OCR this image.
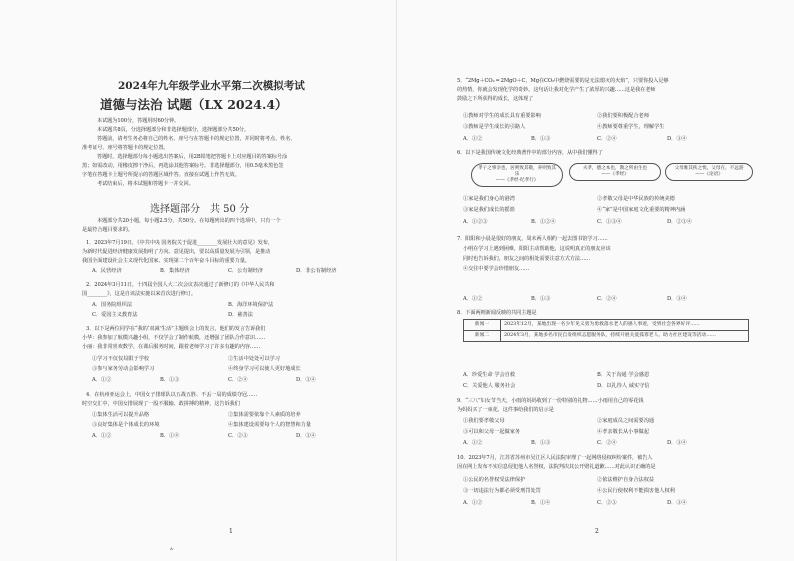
2024年九年级学业水平第二次模拟考试
道德与法治 试题（LX 2024.4）
本试题为100分，答题用时60分钟。
本试题共8页，分选择题部分和非选择题部分，选择题部分共50分。
答题前，请考生务必将自己的姓名、座号与在答题卡的规定位置，并同时将考点、姓名、
准考证号、座号将答题卡的规定位置。
答题时，选择题部分每小题选出答案后，用2B铅笔把答题卡上对应题目的答案标号涂
黑；如需改动，用橡皮擦干净后，再选涂其他答案标号。非选择题部分，用0.5毫米黑色签
字笔在答题卡上题号所提示的答题区域作答。直接在试题上作答无效。
考试结束后，将本试题和答题卡一并交回。
选择题部分　共 50 分
本题部分共20小题，每小题2.5分，共50分。在每题列出的四个选项中，只有一个
是最符合题目要求的。
1．2023年7月19日，《中共中央 国务院关于促进________发展壮大的意见》发布，
为新时代促进经济健康发展指明了方向。意见提出，要以高质量发展为引领，是推动
我国全面建设社会主义现代化国家、实现第二个百年奋斗目标的重要力量。
A．民营经济	B．集体经济	C．公有制经济	D．非公有制经济
2．2024年3月11日，十四届全国人大二次会议表决通过了新修订的《中华人民共和
国________》，这是自该法实施以来首次进行修订。
A．国务院组织法	B．海洋环境保护法
C．爱国主义教育法	D．慈善法
3．以下是两位同学在“我的‘双减’生活”主题班会上的发言，他们的发言告诉我们
小华：我参加了航模兴趣小组，不仅学会了制作航模，还增强了团队合作意识……
小丽：我非常喜欢数学，在课后服务时间，跟着老师学习了许多有趣的内容……
①学习不仅仅局限于学校	②生活中处处可以学习
③参与家务劳动会影响学习	④终身学习可以使人更好地成长
A．①②	B．①③	C．②④	D．③④
4．在杭州亚运会上，中国女子排球队以五战五胜、不丢一局的成绩夺冠……
时空交汇中，中国女排展现了一股不服输、敢拼搏的精神，这告诉我们
①集体生活可以提升品格	②集体需要依靠个人素质的培养
③良好集体是个体成长的环境	④集体建设需要每个人的智慧和力量
A．①②	B．①④	C．②③	D．③④
1
ʌ·
5．“2Mg＋CO₂ ═ 2MgO＋C，Mg在CO₂中燃烧需要的是无法熄灭的火焰”，只要你投入足够
的热情，你就会发现化学的奇妙。这句话让我对化学产生了浓厚的兴趣……这是我在老师
鼓励之下所获得的成长，这体现了
①教师对学生的成长具有重要影响	②我们要积极配合老师
③教师是学生成长的引路人	④教师要尊重学生，理解学生
A．①②	B．①③	C．②④	D．③④
6．以下是我国传统文化经典著作中的部分内容，从中我们懂得了
孝子之事亲也，居则致其敬，养则致其乐
——《孝经·纪孝行》
夫孝，德之本也，教之所由生也
——《孝经》
父母唯其疾之忧，父母在，不远游
——《论语》
①家是我们身心的港湾	②孝敬父母是中华民族的传统美德
③家是我们成长的摇篮	④“家”是中国家庭文化重要的精神内涵
A．①②③	B．①②④	C．①③④	D．②③④
7．阳阳和小晨是很好的朋友，周末两人相约一起去图书馆学习……
小明在学习上遇到困难，阳阳主动帮助他，这说明真正的朋友应该
同时也告诉我们，朋友之间的相处需要注意方式方法……
④交往中要学会珍惜朋友……
A．①②	B．①③	C．②④	D．③④
8．下面两则新闻反映的共同主题是
新闻一	2023年12月，某地出现一名少年见义勇为勇救落水老人的感人事迹，受到社会各界好评……
新闻二	2024年3月，某地多名市民自发组织志愿服务队，持续开展关爱孤寡老人、助力社区建设等活动……
A．珍爱生命 学会自救	B．关于沟通 学会感恩
C．关爱他人 服务社会	D．以礼待人 诚实守信
9．“三八”妇女节当天，小雨的妈妈收到了一份特别的礼物……小雨用自己的零花钱
为妈妈买了一束花，这件事给我们的启示是
①我们要孝敬父母	②家庭成员之间需要沟通
③可以和父母一起做家务	④孝亲敬长从小事做起
A．①②	B．①③	C．②④	D．③④
10．2023年7月，江苏省苏州市吴江区人民法院审理了一起网络侵权纠纷案件，被告人
因在网上发布不实信息侵犯他人名誉权，法院判决其公开赔礼道歉……对此认识正确的是
①公民的名誉权受法律保护	②依法维护自身合法权益
③一切违法行为都必须受刑罚处罚	④公民行使权利不能损害他人权利
A．①②	B．①④	C．②③	D．③④
2
